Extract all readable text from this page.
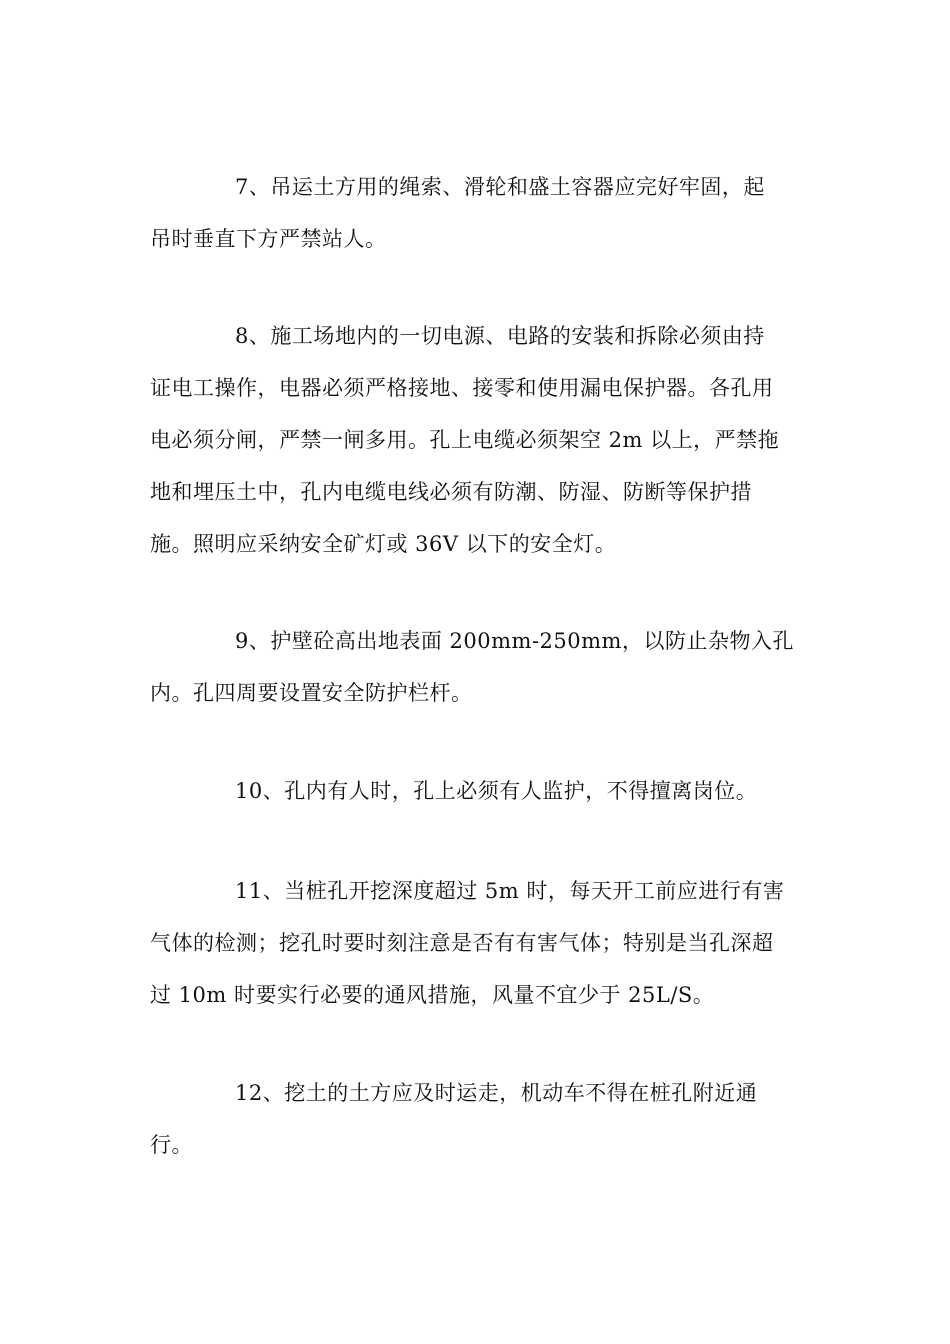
7、吊运土方用的绳索、滑轮和盛土容器应完好牢固，起
吊时垂直下方严禁站人。
8、施工场地内的一切电源、电路的安装和拆除必须由持
证电工操作，电器必须严格接地、接零和使用漏电保护器。各孔用
电必须分闸，严禁一闸多用。孔上电缆必须架空 2m 以上，严禁拖
地和埋压土中，孔内电缆电线必须有防潮、防湿、防断等保护措
施。照明应采纳安全矿灯或 36V 以下的安全灯。
9、护壁砼高出地表面 200mm-250mm，以防止杂物入孔
内。孔四周要设置安全防护栏杆。
10、孔内有人时，孔上必须有人监护，不得擅离岗位。
11、当桩孔开挖深度超过 5m 时，每天开工前应进行有害
气体的检测；挖孔时要时刻注意是否有有害气体；特别是当孔深超
过 10m 时要实行必要的通风措施，风量不宜少于 25L/S。
12、挖土的土方应及时运走，机动车不得在桩孔附近通
行。
